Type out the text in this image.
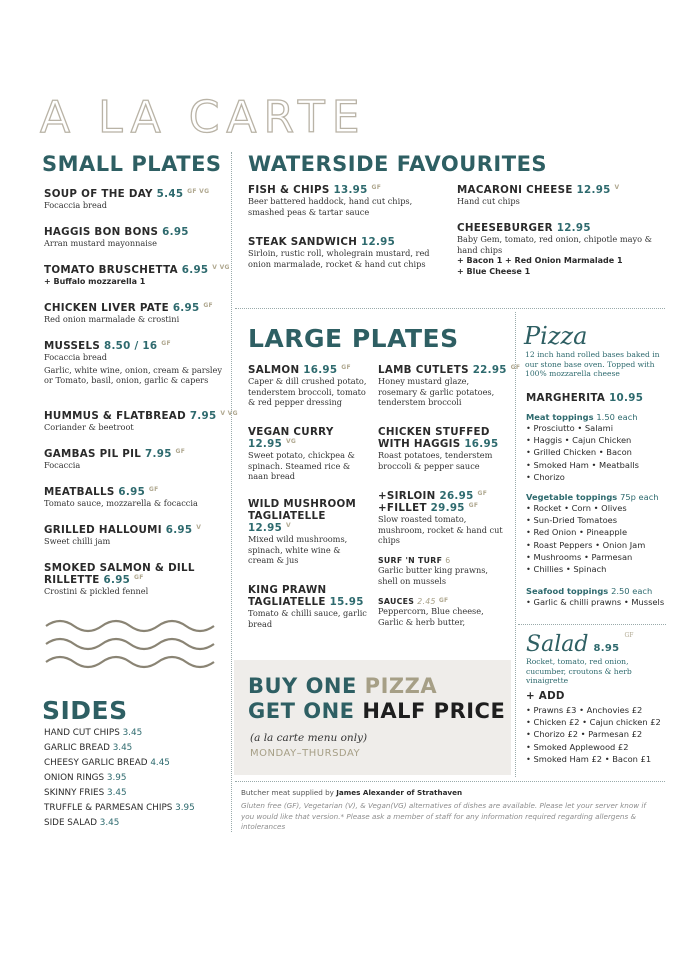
A LA CARTE
SMALL PLATES
SOUP OF THE DAY 5.45 $^{GF VG}$
Focaccia bread
HAGGIS BON BONS 6.95
Arran mustard mayonnaise
TOMATO BRUSCHETTA 6.95 $^{V VG}$
+ Buffalo mozzarella 1
CHICKEN LIVER PATE 6.95 $^{GF}$
Red onion marmalade & crostini
MUSSELS 8.50 / 16 $^{GF}$
Focaccia bread
Garlic, white wine, onion, cream & parsley or Tomato, basil, onion, garlic & capers
HUMMUS & FLATBREAD 7.95 $^{V VG}$
Coriander & beetroot
GAMBAS PIL PIL 7.95 $^{GF}$
Focaccia
MEATBALLS 6.95 $^{GF}$
Tomato sauce, mozzarella & focaccia
GRILLED HALLOUMI 6.95 $^V$
Sweet chilli jam
SMOKED SALMON & DILL
RILLETTE 6.95 $^{GF}$
Crostini & pickled fennel
SIDES
HAND CUT CHIPS 3.45
GARLIC BREAD 3.45
CHEESY GARLIC BREAD 4.45
ONION RINGS 3.95
SKINNY FRIES 3.45
TRUFFLE & PARMESAN CHIPS 3.95
SIDE SALAD 3.45
WATERSIDE FAVOURITES
FISH & CHIPS 13.95 $^{GF}$
Beer battered haddock, hand cut chips, smashed peas & tartar sauce
STEAK SANDWICH 12.95
Sirloin, rustic roll, wholegrain mustard, red onion marmalade, rocket & hand cut chips
MACARONI CHEESE 12.95 $^V$
Hand cut chips
CHEESEBURGER 12.95
Baby Gem, tomato, red onion, chipotle mayo & hand chips
+ Bacon 1 + Red Onion Marmalade 1
+ Blue Cheese 1
LARGE PLATES
SALMON 16.95 $^{GF}$
Caper & dill crushed potato, tenderstem broccoli, tomato & red pepper dressing
VEGAN CURRY
12.95 $^{VG}$
Sweet potato, chickpea & spinach. Steamed rice & naan bread
WILD MUSHROOM
TAGLIATELLE
12.95 $^V$
Mixed wild mushrooms, spinach, white wine & cream & jus
KING PRAWN
TAGLIATELLE 15.95
Tomato & chilli sauce, garlic bread
LAMB CUTLETS 22.95 $^{GF}$
Honey mustard glaze, rosemary & garlic potatoes, tenderstem broccoli
CHICKEN STUFFED
WITH HAGGIS 16.95
Roast potatoes, tenderstem broccoli & pepper sauce
+SIRLOIN 26.95 $^{GF}$
+FILLET 29.95 $^{GF}$
Slow roasted tomato, mushroom, rocket & hand cut chips
SURF 'N TURF 6
Garlic butter king prawns, shell on mussels
SAUCES 2.45 $^{GF}$
Peppercorn, Blue cheese, Garlic & herb butter,
Pizza
12 inch hand rolled bases baked in our stone base oven. Topped with 100% mozzarella cheese
MARGHERITA 10.95
Meat toppings 1.50 each
• Prosciutto • Salami
• Haggis • Cajun Chicken
• Grilled Chicken • Bacon
• Smoked Ham • Meatballs
• Chorizo
Vegetable toppings 75p each
• Rocket • Corn • Olives
• Sun-Dried Tomatoes
• Red Onion • Pineapple
• Roast Peppers • Onion Jam
• Mushrooms • Parmesan
• Chillies • Spinach
Seafood toppings 2.50 each
• Garlic & chilli prawns • Mussels
Salad 8.95 $^{GF}$
Rocket, tomato, red onion, cucumber, croutons & herb vinaigrette
+ ADD
• Prawns £3 • Anchovies £2
• Chicken £2 • Cajun chicken £2
• Chorizo £2 • Parmesan £2
• Smoked Applewood £2
• Smoked Ham £2 • Bacon £1
BUY ONE PIZZA
GET ONE HALF PRICE
(a la carte menu only)
MONDAY–THURSDAY
Butcher meat supplied by James Alexander of Strathaven
Gluten free (GF), Vegetarian (V), & Vegan(VG) alternatives of dishes are available. Please let your server know if you would like that version.* Please ask a member of staff for any information required regarding allergens & intolerances
